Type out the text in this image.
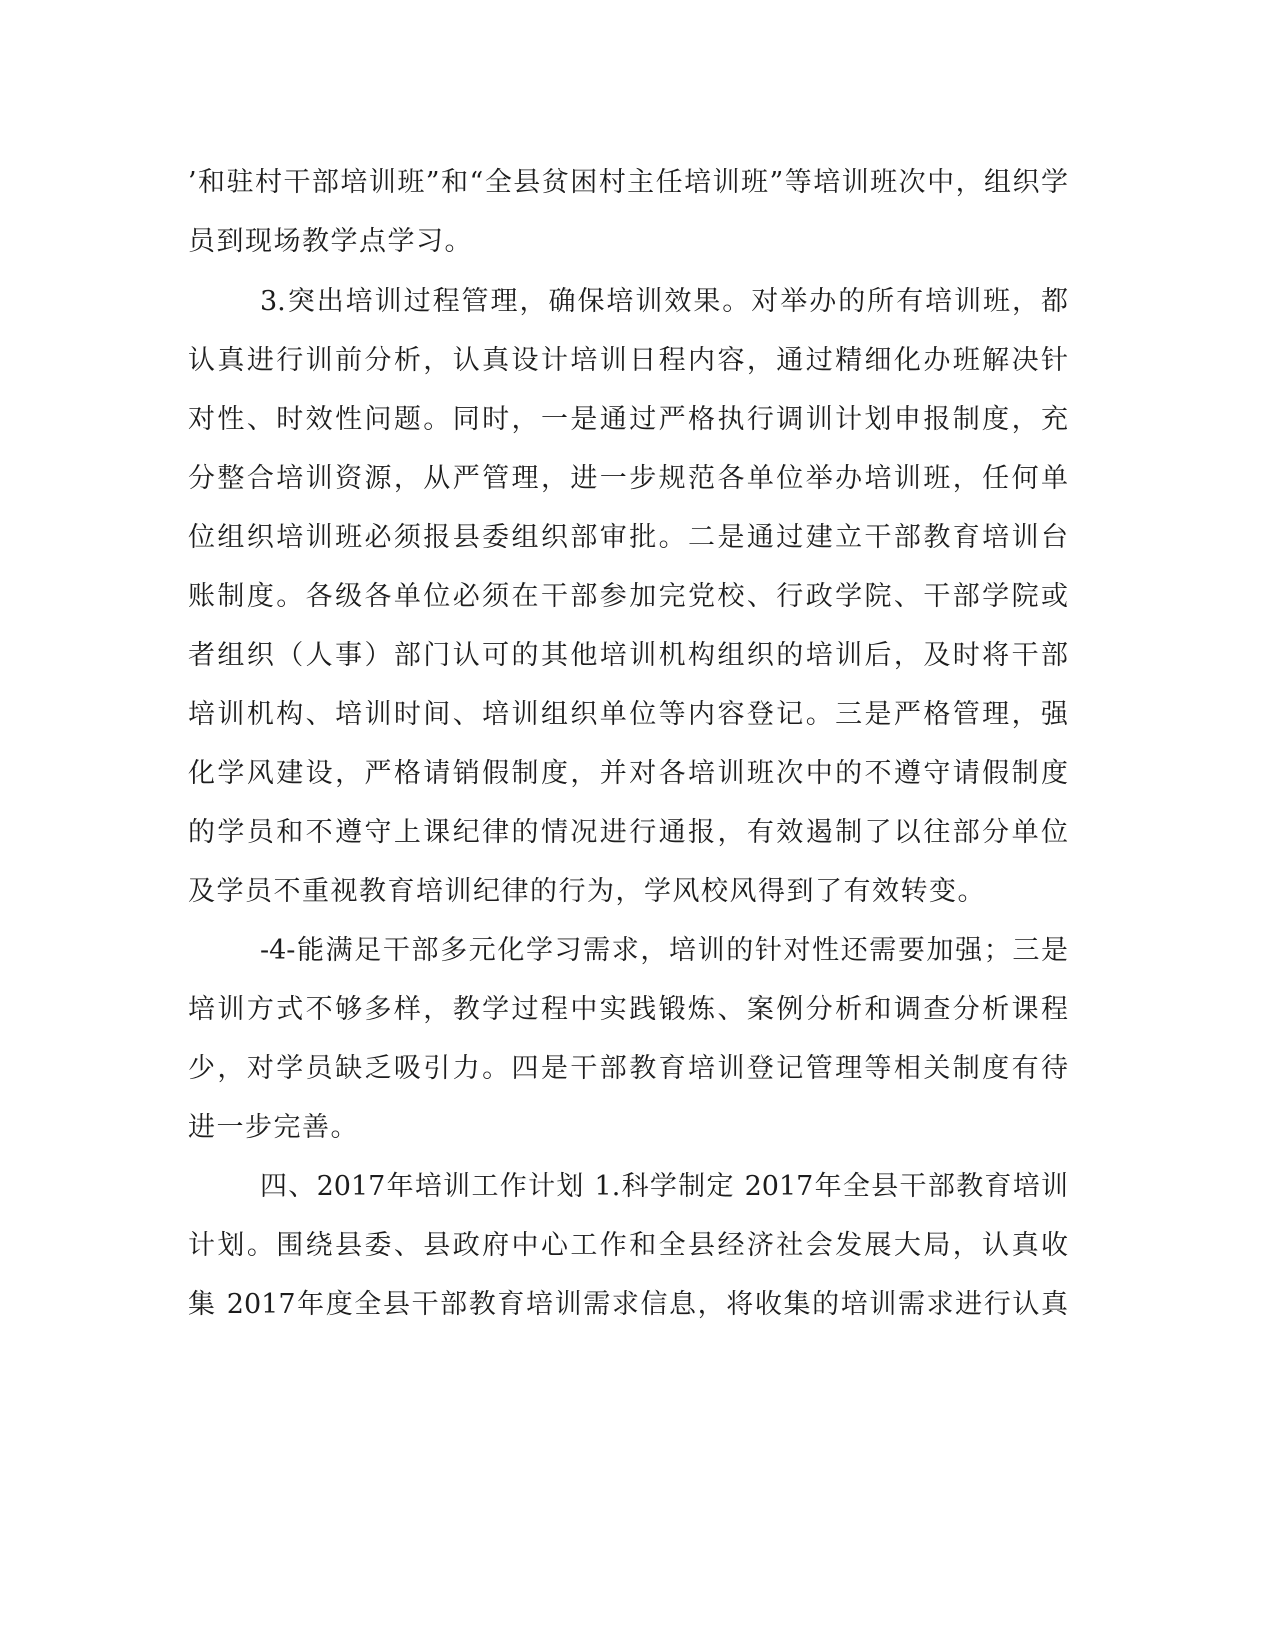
’和驻村干部培训班”和“全县贫困村主任培训班”等培训班次中，组织学
员到现场教学点学习。
3.突出培训过程管理，确保培训效果。对举办的所有培训班，都
认真进行训前分析，认真设计培训日程内容，通过精细化办班解决针
对性、时效性问题。同时，一是通过严格执行调训计划申报制度，充
分整合培训资源，从严管理，进一步规范各单位举办培训班，任何单
位组织培训班必须报县委组织部审批。二是通过建立干部教育培训台
账制度。各级各单位必须在干部参加完党校、行政学院、干部学院或
者组织（人事）部门认可的其他培训机构组织的培训后，及时将干部
培训机构、培训时间、培训组织单位等内容登记。三是严格管理，强
化学风建设，严格请销假制度，并对各培训班次中的不遵守请假制度
的学员和不遵守上课纪律的情况进行通报，有效遏制了以往部分单位
及学员不重视教育培训纪律的行为，学风校风得到了有效转变。
-4-能满足干部多元化学习需求，培训的针对性还需要加强；三是
培训方式不够多样，教学过程中实践锻炼、案例分析和调查分析课程
少，对学员缺乏吸引力。四是干部教育培训登记管理等相关制度有待
进一步完善。
四、2017年培训工作计划 1.科学制定 2017年全县干部教育培训
计划。围绕县委、县政府中心工作和全县经济社会发展大局，认真收
集 2017年度全县干部教育培训需求信息，将收集的培训需求进行认真
